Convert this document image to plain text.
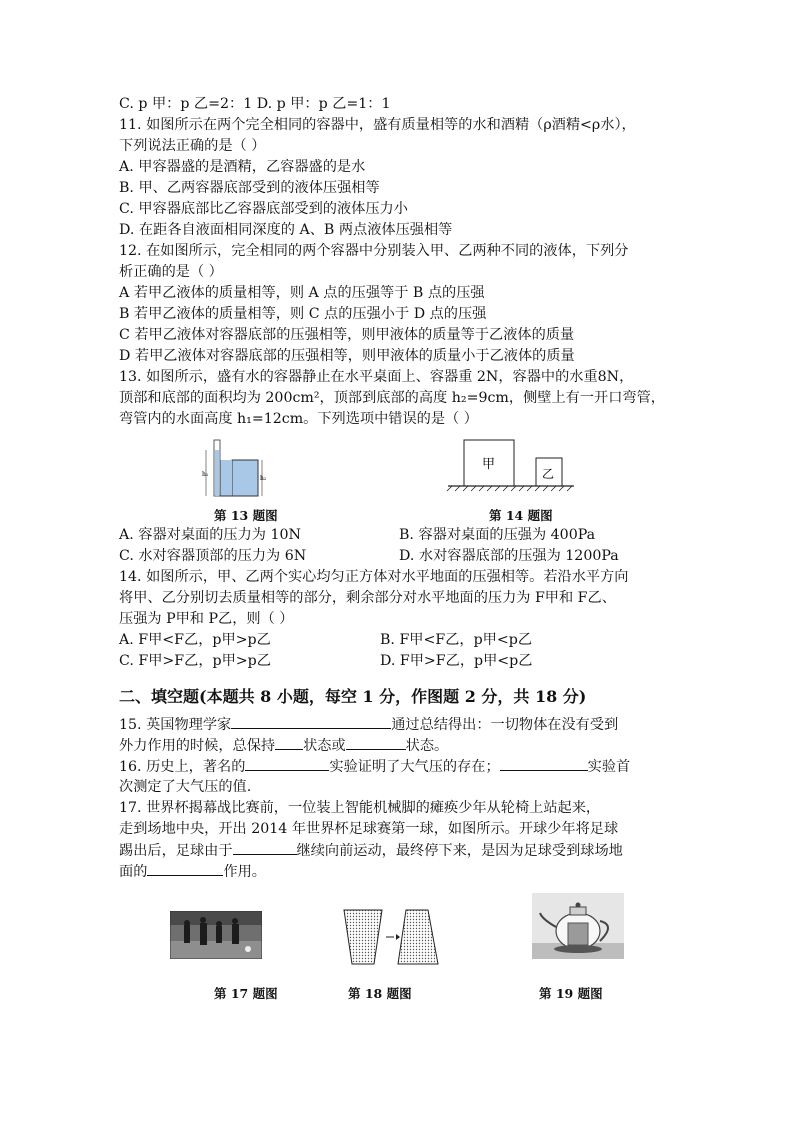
C. p 甲：p 乙=2：1 D. p 甲：p 乙=1：1
11. 如图所示在两个完全相同的容器中，盛有质量相等的水和酒精（ρ酒精<ρ水），
下列说法正确的是（ ）
A. 甲容器盛的是酒精，乙容器盛的是水
B. 甲、乙两容器底部受到的液体压强相等
C. 甲容器底部比乙容器底部受到的液体压力小
D. 在距各自液面相同深度的 A、B 两点液体压强相等
12. 在如图所示，完全相同的两个容器中分别装入甲、乙两种不同的液体，下列分
析正确的是（ ）
A 若甲乙液体的质量相等，则 A 点的压强等于 B 点的压强
B 若甲乙液体的质量相等，则 C 点的压强小于 D 点的压强
C 若甲乙液体对容器底部的压强相等，则甲液体的质量等于乙液体的质量
D 若甲乙液体对容器底部的压强相等，则甲液体的质量小于乙液体的质量
13. 如图所示，盛有水的容器静止在水平桌面上、容器重 2N，容器中的水重8N，
顶部和底部的面积均为 200cm²，顶部到底部的高度 h₂=9cm，侧壁上有一开口弯管，
弯管内的水面高度 h₁=12cm。下列选项中错误的是（ ）
h₁
h₂
第 13 题图
甲
乙
第 14 题图
A. 容器对桌面的压力为 10N	B. 容器对桌面的压强为 400Pa
C. 水对容器顶部的压力为 6N	D. 水对容器底部的压强为 1200Pa
14. 如图所示，甲、乙两个实心均匀正方体对水平地面的压强相等。若沿水平方向
将甲、乙分别切去质量相等的部分，剩余部分对水平地面的压力为 F甲和 F乙、
压强为 P甲和 P乙，则（ ）
A. F甲<F乙，p甲>p乙	B. F甲<F乙，p甲<p乙
C. F甲>F乙，p甲>p乙	D. F甲>F乙，p甲<p乙
二、填空题(本题共 8 小题，每空 1 分，作图题 2 分，共 18 分)
15. 英国物理学家	通过总结得出：一切物体在没有受到
外力作用的时候，总保持 状态或	状态。
16. 历史上，著名的	实验证明了大气压的存在；	实验首
次测定了大气压的值.
17. 世界杯揭幕战比赛前，一位装上智能机械脚的瘫痪少年从轮椅上站起来，
走到场地中央，开出 2014 年世界杯足球赛第一球，如图所示。开球少年将足球
踢出后，足球由于	继续向前运动，最终停下来，是因为足球受到球场地
面的	作用。
第 17 题图	第 18 题图	第 19 题图
